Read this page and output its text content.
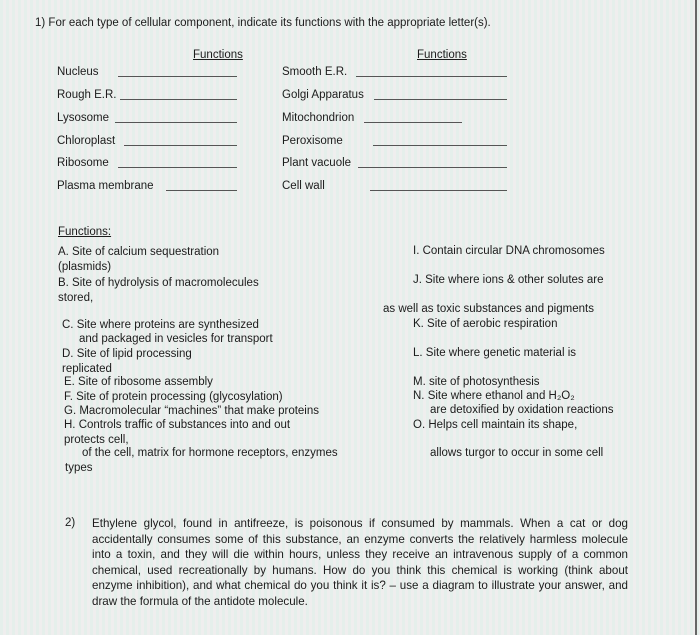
1) For each type of cellular component, indicate its functions with the appropriate letter(s).
Functions	Functions
Nucleus
Rough E.R.
Lysosome
Chloroplast
Ribosome
Plasma membrane
Smooth E.R.
Golgi Apparatus
Mitochondrion
Peroxisome
Plant vacuole
Cell wall
Functions:
A. Site of calcium sequestration
(plasmids)
B. Site of hydrolysis of macromolecules
stored,
C. Site where proteins are synthesized
and packaged in vesicles for transport
D. Site of lipid processing
replicated
E. Site of ribosome assembly
F. Site of protein processing (glycosylation)
G. Macromolecular “machines” that make proteins
H. Controls traffic of substances into and out
protects cell,
of the cell, matrix for hormone receptors, enzymes
types
I. Contain circular DNA chromosomes
J. Site where ions & other solutes are
as well as toxic substances and pigments
K. Site of aerobic respiration
L. Site where genetic material is
M. site of photosynthesis
N. Site where ethanol and H₂O₂
are detoxified by oxidation reactions
O. Helps cell maintain its shape,
allows turgor to occur in some cell
2) Ethylene glycol, found in antifreeze, is poisonous if consumed by mammals. When a cat or dog accidentally consumes some of this substance, an enzyme converts the relatively harmless molecule into a toxin, and they will die within hours, unless they receive an intravenous supply of a common chemical, used recreationally by humans. How do you think this chemical is working (think about enzyme inhibition), and what chemical do you think it is? – use a diagram to illustrate your answer, and draw the formula of the antidote molecule.
